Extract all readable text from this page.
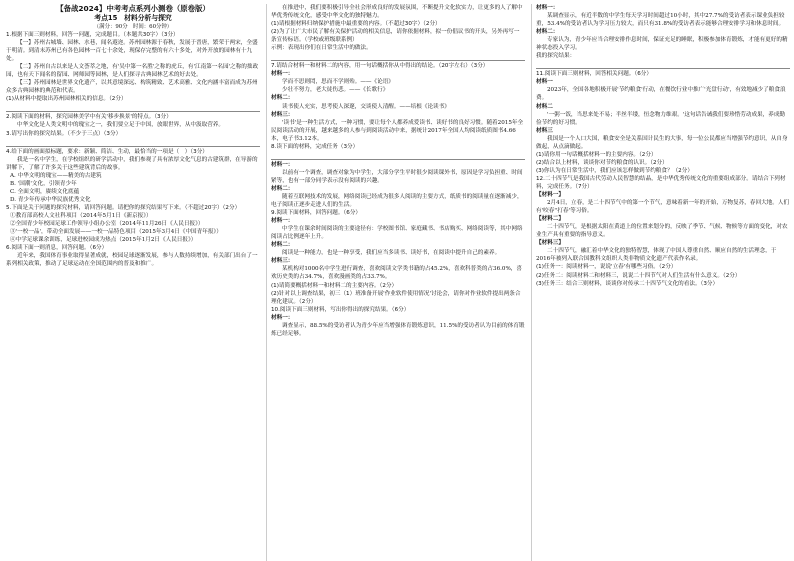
【备战2024】中考考点系列小测卷（原卷版）
考点15　材料分析与探究
（满分：90分　时间：60分钟）
1.根据下面三则材料，回答一问题，完成题目。（本题共30字）（3分）
【一】苏州古城墙、园林、水巷，闻名遐迩。苏州园林源于春秋，发展于晋唐，繁荣于两宋，全盛于明清。到清末苏州已有各色园林一百七十余处，现保存完整的有六十多处，对外开放的园林有十九处。
【二】苏州自古以来是人文荟萃之地，有'吴中第一名胜'之称的虎丘，有'江南第一名园'之称的拙政园，也有天下闻名的留园、网师园等园林，是人们探寻古典园林艺术的好去处。
【三】苏州园林是世界文化遗产，以其意境深远、构筑精致、艺术高雅、文化内涵丰富而成为苏州众多古典园林的典范和代表。
(1)从材料中提取出苏州园林相关的信息。（2分）
2.阅读下面的材料，探究园林美学中有关'移步换景'的特点。（3分）
中华文化是人类文明中的瑰宝之一，我们要立足于中国，放眼世界，从中汲取营养。
3.请写出你的探究结果。（不少于三点）（3分）
4.给下面的画面拟标题，要求：新颖、简洁、生动，最恰当的一项是（　）（3分）
我是一名中学生，在学校组织的研学活动中，我们参观了具有浓厚文化气息的古建筑群，在导游的讲解下，了解了许多关于这些建筑背后的故事。
A. 中华文明的瑰宝——精美的古建筑
B. '国潮'文化，引领青少年
C. 全面文明，赓续文化底蕴
D. 青少年传承中华民族优秀文化
5.下面是关于问题的探究材料，请回答问题。请把你的探究结果写下来。（不超过20字）（2分）
①教育部高校人文社科项目（2014年5月1日《新京报》）
②全国青少年校园足球工作领导小组办公室（2014年11月26日《人民日报》）
③'一校一品'，带动全面发展——一校一品特色项目（2015年3月4日《中国青年报》）
④中学足球课余训练，足球进校园成为热点（2015年1月2日《人民日报》）
6.阅读下面一则消息，回答问题。（6分）
近年来，我国体育事业取得显著成就，校园足球逐渐发展，参与人数持续增加，有关部门出台了一系列相关政策，推动了足球运动在全国范围内的普及和推广。
在推进中，我们要积极引导全社会形成良好的发展氛围，不断提升文化软实力，让更多的人了解中华优秀传统文化，感受中华文化的独特魅力。
(1)请根据材料归纳保护措施中最重要的内容。（不超过30字）（2分）
(2)为了让广大市民了解有关保护活动的相关信息，请你依据材料，拟一份倡议书的开头，另外再写一条宣传标语。（学校或班级联系例）
示例：表现出你们在日常生活中的做法。
7.请结合材料一和材料二的内容，用一句话概括你从中得出的结论。（20字左右）（3分）
材料一：
学而不思则罔，思而不学则殆。——《论语》
少壮不努力，老大徒伤悲。——《长歌行》
材料二：
读书使人充实，思考使人深邃，交谈使人清醒。——培根《论读书》
材料三：
'读书'是一种生活方式，一种习惯，要让每个人都养成爱读书、读好书的良好习惯。随着2015年全民阅读活动的开展，越来越多的人参与到阅读活动中来，据统计2017年全国人均阅读纸质图书4.66本，电子书3.12本。
8.读下面的材料，完成任务（3分）
材料一：
以前有一个调查，调查对象为中学生，大部分学生平时很少阅读课外书，原因是学习负担重、时间紧等，也有一部分同学表示没有阅读的兴趣。
材料二：
随着互联网技术的发展，网络阅读已经成为很多人阅读的主要方式，纸质书的阅读量在逐渐减少，电子阅读正逐步走进人们的生活。
9.阅读下面材料，回答问题。（6分）
材料一：
中学生在课余时间阅读的主要途径有：学校图书馆、家庭藏书、书店购买、网络阅读等，其中网络阅读占比例逐年上升。
材料二：
阅读是一种能力，也是一种享受，我们应当多读书、读好书，在阅读中提升自己的素养。
材料三：
某机构对1000名中学生进行调查，喜欢阅读文学类书籍的占45.2%，喜欢科普类的占36.0%，喜欢历史类的占34.7%，喜欢漫画类的占33.7%。
(1)请简要概括材料一和材料二的主要内容。（2分）
(2)针对以上调查结果，初三（1）班准备开展'作业软件使用情况'讨论会，请你对作业软件提出两条合理化建议。（2分）
10.阅读下面三则材料，写出你得出的探究结果。（6分）
材料一：
调查显示，88.5%的受访者认为青少年应当增强体育锻炼意识，11.5%的受访者认为目前的体育锻炼已经足够。
材料一：
某调查显示，有近半数的中学生每天学习时间超过10小时，其中27.7%的受访者表示课业负担较重，53.4%的受访者认为学习压力较大，而只有31.8%的受访者表示能够合理安排学习和休息时间。
材料二：
专家认为，青少年应当合理安排作息时间，保证充足的睡眠，积极参加体育锻炼，才能有更好的精神状态投入学习。
我的探究结果：
11.阅读下面三则材料，回答相关问题。（6分）
材料一
2023年，全国各地积极开展'节约粮食'行动，在餐饮行业中推广'光盘行动'，有效地减少了粮食浪费。
材料二
'一粥一饭，当思来处不易；半丝半缕，恒念物力维艰。'这句话告诫我们要珍惜劳动成果，养成勤俭节约的好习惯。
材料三
我国是一个人口大国，粮食安全是关系国计民生的大事，每一位公民都应当增强节约意识，从自身做起，从点滴做起。
(1)请你用一句话概括材料一的主要内容。（2分）
(2)结合以上材料，谈谈你对节约粮食的认识。（2分）
(3)你认为在日常生活中，我们应该怎样做到节约粮食？（2分）
12.二十四节气是我国古代劳动人民智慧的结晶，是中华优秀传统文化的重要组成部分。请结合下列材料，完成任务。（7分）
【材料一】
2月4日，立春，是二十四节气中的第一个节气，意味着新一年的开始，万物复苏，春回大地。人们有'咬春''打春'等习俗。
【材料二】
二十四节气，是根据太阳在黄道上的位置来划分的，反映了季节、气候、物候等方面的变化，对农业生产具有重要的指导意义。
【材料三】
二十四节气，融汇着中华文化的独特智慧，体现了中国人尊重自然、顺应自然的生活理念，于2016年被列入联合国教科文组织人类非物质文化遗产代表作名录。
(1)任务一：阅读材料一，说说'立春'有哪些习俗。（2分）
(2)任务二：阅读材料二和材料三，说说二十四节气对人们生活有什么意义。（2分）
(3)任务三：结合三则材料，谈谈你对传承二十四节气文化的看法。（3分）
